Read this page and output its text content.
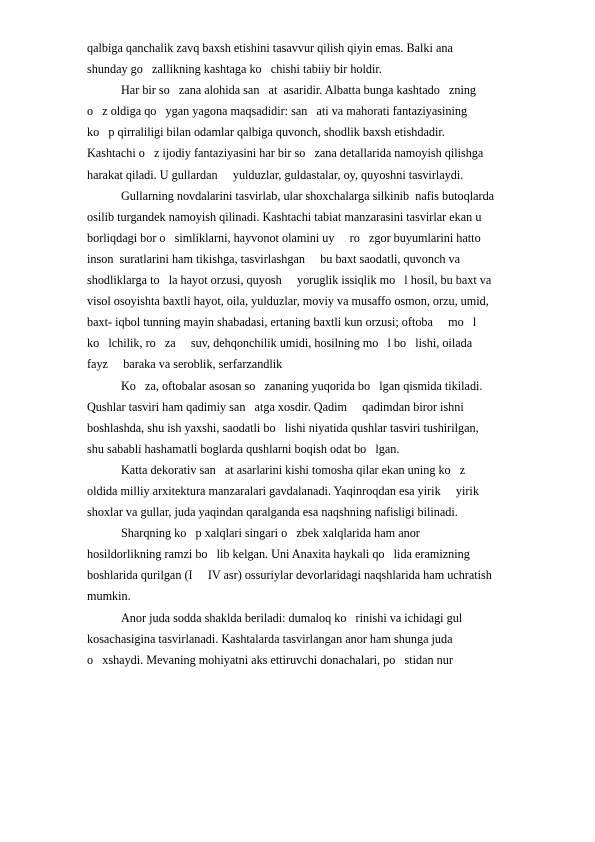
qalbiga qanchalik zavq baxsh etishini tasavvur qilish qiyin emas. Balki ana
shunday go   zallikning kashtaga ko   chishi tabiiy bir holdir.
Har bir so   zana alohida san   at  asaridir. Albatta bunga kashtado   zning
o   z oldiga qo   ygan yagona maqsadidir: san   ati va mahorati fantaziyasining
ko   p qirraliligi bilan odamlar qalbiga quvonch, shodlik baxsh etishdadir.
Kashtachi o   z ijodiy fantaziyasini har bir so   zana detallarida namoyish qilishga
harakat qiladi. U gullardan     yulduzlar, guldastalar, oy, quyoshni tasvirlaydi.
Gullarning novdalarini tasvirlab, ular shoxchalarga silkinib  nafis butoqlarda
osilib turgandek namoyish qilinadi. Kashtachi tabiat manzarasini tasvirlar ekan u
borliqdagi bor o   simliklarni, hayvonot olamini uy     ro   zgor buyumlarini hatto
inson  suratlarini ham tikishga, tasvirlashgan     bu baxt saodatli, quvonch va
shodliklarga to   la hayot orzusi, quyosh     yoruglik issiqlik mo   l hosil, bu baxt va
visol osoyishta baxtli hayot, oila, yulduzlar, moviy va musaffo osmon, orzu, umid,
baxt- iqbol tunning mayin shabadasi, ertaning baxtli kun orzusi; oftoba     mo   l
ko   lchilik, ro   za     suv, dehqonchilik umidi, hosilning mo   l bo   lishi, oilada
fayz     baraka va seroblik, serfarzandlik
Ko   za, oftobalar asosan so   zananing yuqorida bo   lgan qismida tikiladi.
Qushlar tasviri ham qadimiy san   atga xosdir. Qadim     qadimdan biror ishni
boshlashda, shu ish yaxshi, saodatli bo   lishi niyatida qushlar tasviri tushirilgan,
shu sababli hashamatli boglarda qushlarni boqish odat bo   lgan.
Katta dekorativ san   at asarlarini kishi tomosha qilar ekan uning ko   z
oldida milliy arxitektura manzaralari gavdalanadi. Yaqinroqdan esa yirik     yirik
shoxlar va gullar, juda yaqindan qaralganda esa naqshning nafisligi bilinadi.
Sharqning ko   p xalqlari singari o   zbek xalqlarida ham anor
hosildorlikning ramzi bo   lib kelgan. Uni Anaxita haykali qo   lida eramizning
boshlarida qurilgan (I     IV asr) ossuriylar devorlaridagi naqshlarida ham uchratish
mumkin.
Anor juda sodda shaklda beriladi: dumaloq ko   rinishi va ichidagi gul
kosachasigina tasvirlanadi. Kashtalarda tasvirlangan anor ham shunga juda
o   xshaydi. Mevaning mohiyatni aks ettiruvchi donachalari, po   stidan nur
